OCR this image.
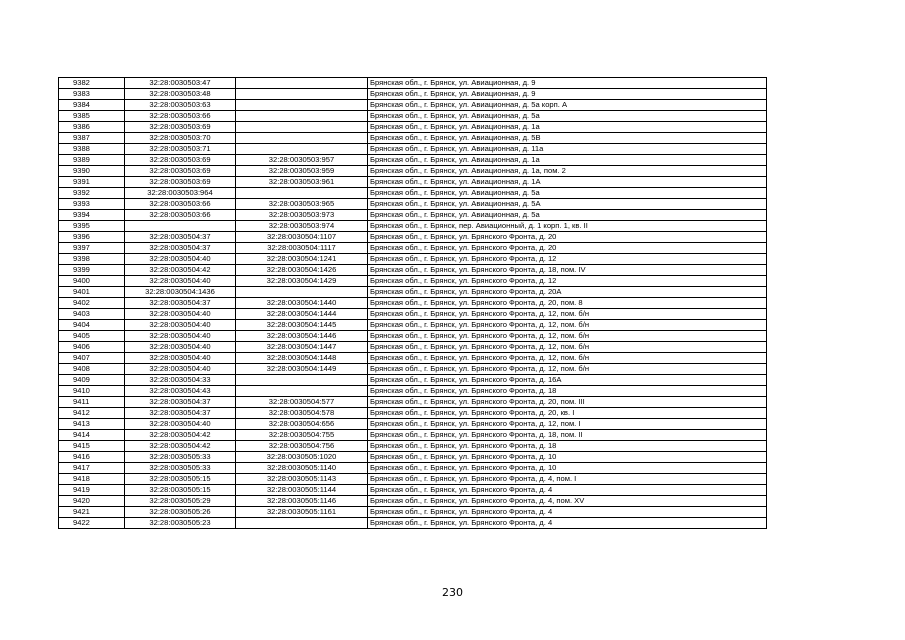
9382	32:28:0030503:47		Брянская обл., г. Брянск, ул. Авиационная, д. 9
9383	32:28:0030503:48		Брянская обл., г. Брянск, ул. Авиационная, д. 9
9384	32:28:0030503:63		Брянская обл., г. Брянск, ул. Авиационная, д. 5а корп. А
9385	32:28:0030503:66		Брянская обл., г. Брянск, ул. Авиационная, д. 5а
9386	32:28:0030503:69		Брянская обл., г. Брянск, ул. Авиационная, д. 1а
9387	32:28:0030503:70		Брянская обл., г. Брянск, ул. Авиационная, д. 5В
9388	32:28:0030503:71		Брянская обл., г. Брянск, ул. Авиационная, д. 11а
9389	32:28:0030503:69	32:28:0030503:957	Брянская обл., г. Брянск, ул. Авиационная, д. 1а
9390	32:28:0030503:69	32:28:0030503:959	Брянская обл., г. Брянск, ул. Авиационная, д. 1а, пом. 2
9391	32:28:0030503:69	32:28:0030503:961	Брянская обл., г. Брянск, ул. Авиационная, д. 1А
9392	32:28:0030503:964		Брянская обл., г. Брянск, ул. Авиационная, д. 5а
9393	32:28:0030503:66	32:28:0030503:965	Брянская обл., г. Брянск, ул. Авиационная, д. 5А
9394	32:28:0030503:66	32:28:0030503:973	Брянская обл., г. Брянск, ул. Авиационная, д. 5а
9395		32:28:0030503:974	Брянская обл., г. Брянск, пер. Авиационный, д. 1 корп. 1, кв. II
9396	32:28:0030504:37	32:28:0030504:1107	Брянская обл., г. Брянск, ул. Брянского Фронта, д. 20
9397	32:28:0030504:37	32:28:0030504:1117	Брянская обл., г. Брянск, ул. Брянского Фронта, д. 20
9398	32:28:0030504:40	32:28:0030504:1241	Брянская обл., г. Брянск, ул. Брянского Фронта, д. 12
9399	32:28:0030504:42	32:28:0030504:1426	Брянская обл., г. Брянск, ул. Брянского Фронта, д. 18, пом. IV
9400	32:28:0030504:40	32:28:0030504:1429	Брянская обл., г. Брянск, ул. Брянского Фронта, д. 12
9401	32:28:0030504:1436		Брянская обл., г. Брянск, ул. Брянского Фронта, д. 20А
9402	32:28:0030504:37	32:28:0030504:1440	Брянская обл., г. Брянск, ул. Брянского Фронта, д. 20, пом. 8
9403	32:28:0030504:40	32:28:0030504:1444	Брянская обл., г. Брянск, ул. Брянского Фронта, д. 12, пом. б/н
9404	32:28:0030504:40	32:28:0030504:1445	Брянская обл., г. Брянск, ул. Брянского Фронта, д. 12, пом. б/н
9405	32:28:0030504:40	32:28:0030504:1446	Брянская обл., г. Брянск, ул. Брянского Фронта, д. 12, пом. б/н
9406	32:28:0030504:40	32:28:0030504:1447	Брянская обл., г. Брянск, ул. Брянского Фронта, д. 12, пом. б/н
9407	32:28:0030504:40	32:28:0030504:1448	Брянская обл., г. Брянск, ул. Брянского Фронта, д. 12, пом. б/н
9408	32:28:0030504:40	32:28:0030504:1449	Брянская обл., г. Брянск, ул. Брянского Фронта, д. 12, пом. б/н
9409	32:28:0030504:33		Брянская обл., г. Брянск, ул. Брянского Фронта, д. 16А
9410	32:28:0030504:43		Брянская обл., г. Брянск, ул. Брянского Фронта, д. 18
9411	32:28:0030504:37	32:28:0030504:577	Брянская обл., г. Брянск, ул. Брянского Фронта, д. 20, пом. III
9412	32:28:0030504:37	32:28:0030504:578	Брянская обл., г. Брянск, ул. Брянского Фронта, д. 20, кв. I
9413	32:28:0030504:40	32:28:0030504:656	Брянская обл., г. Брянск, ул. Брянского Фронта, д. 12, пом. I
9414	32:28:0030504:42	32:28:0030504:755	Брянская обл., г. Брянск, ул. Брянского Фронта, д. 18, пом. II
9415	32:28:0030504:42	32:28:0030504:756	Брянская обл., г. Брянск, ул. Брянского Фронта, д. 18
9416	32:28:0030505:33	32:28:0030505:1020	Брянская обл., г. Брянск, ул. Брянского Фронта, д. 10
9417	32:28:0030505:33	32:28:0030505:1140	Брянская обл., г. Брянск, ул. Брянского Фронта, д. 10
9418	32:28:0030505:15	32:28:0030505:1143	Брянская обл., г. Брянск, ул. Брянского Фронта, д. 4, пом. I
9419	32:28:0030505:15	32:28:0030505:1144	Брянская обл., г. Брянск, ул. Брянского Фронта, д. 4
9420	32:28:0030505:29	32:28:0030505:1146	Брянская обл., г. Брянск, ул. Брянского Фронта, д. 4, пом. XV
9421	32:28:0030505:26	32:28:0030505:1161	Брянская обл., г. Брянск, ул. Брянского Фронта, д. 4
9422	32:28:0030505:23		Брянская обл., г. Брянск, ул. Брянского Фронта, д. 4
230
